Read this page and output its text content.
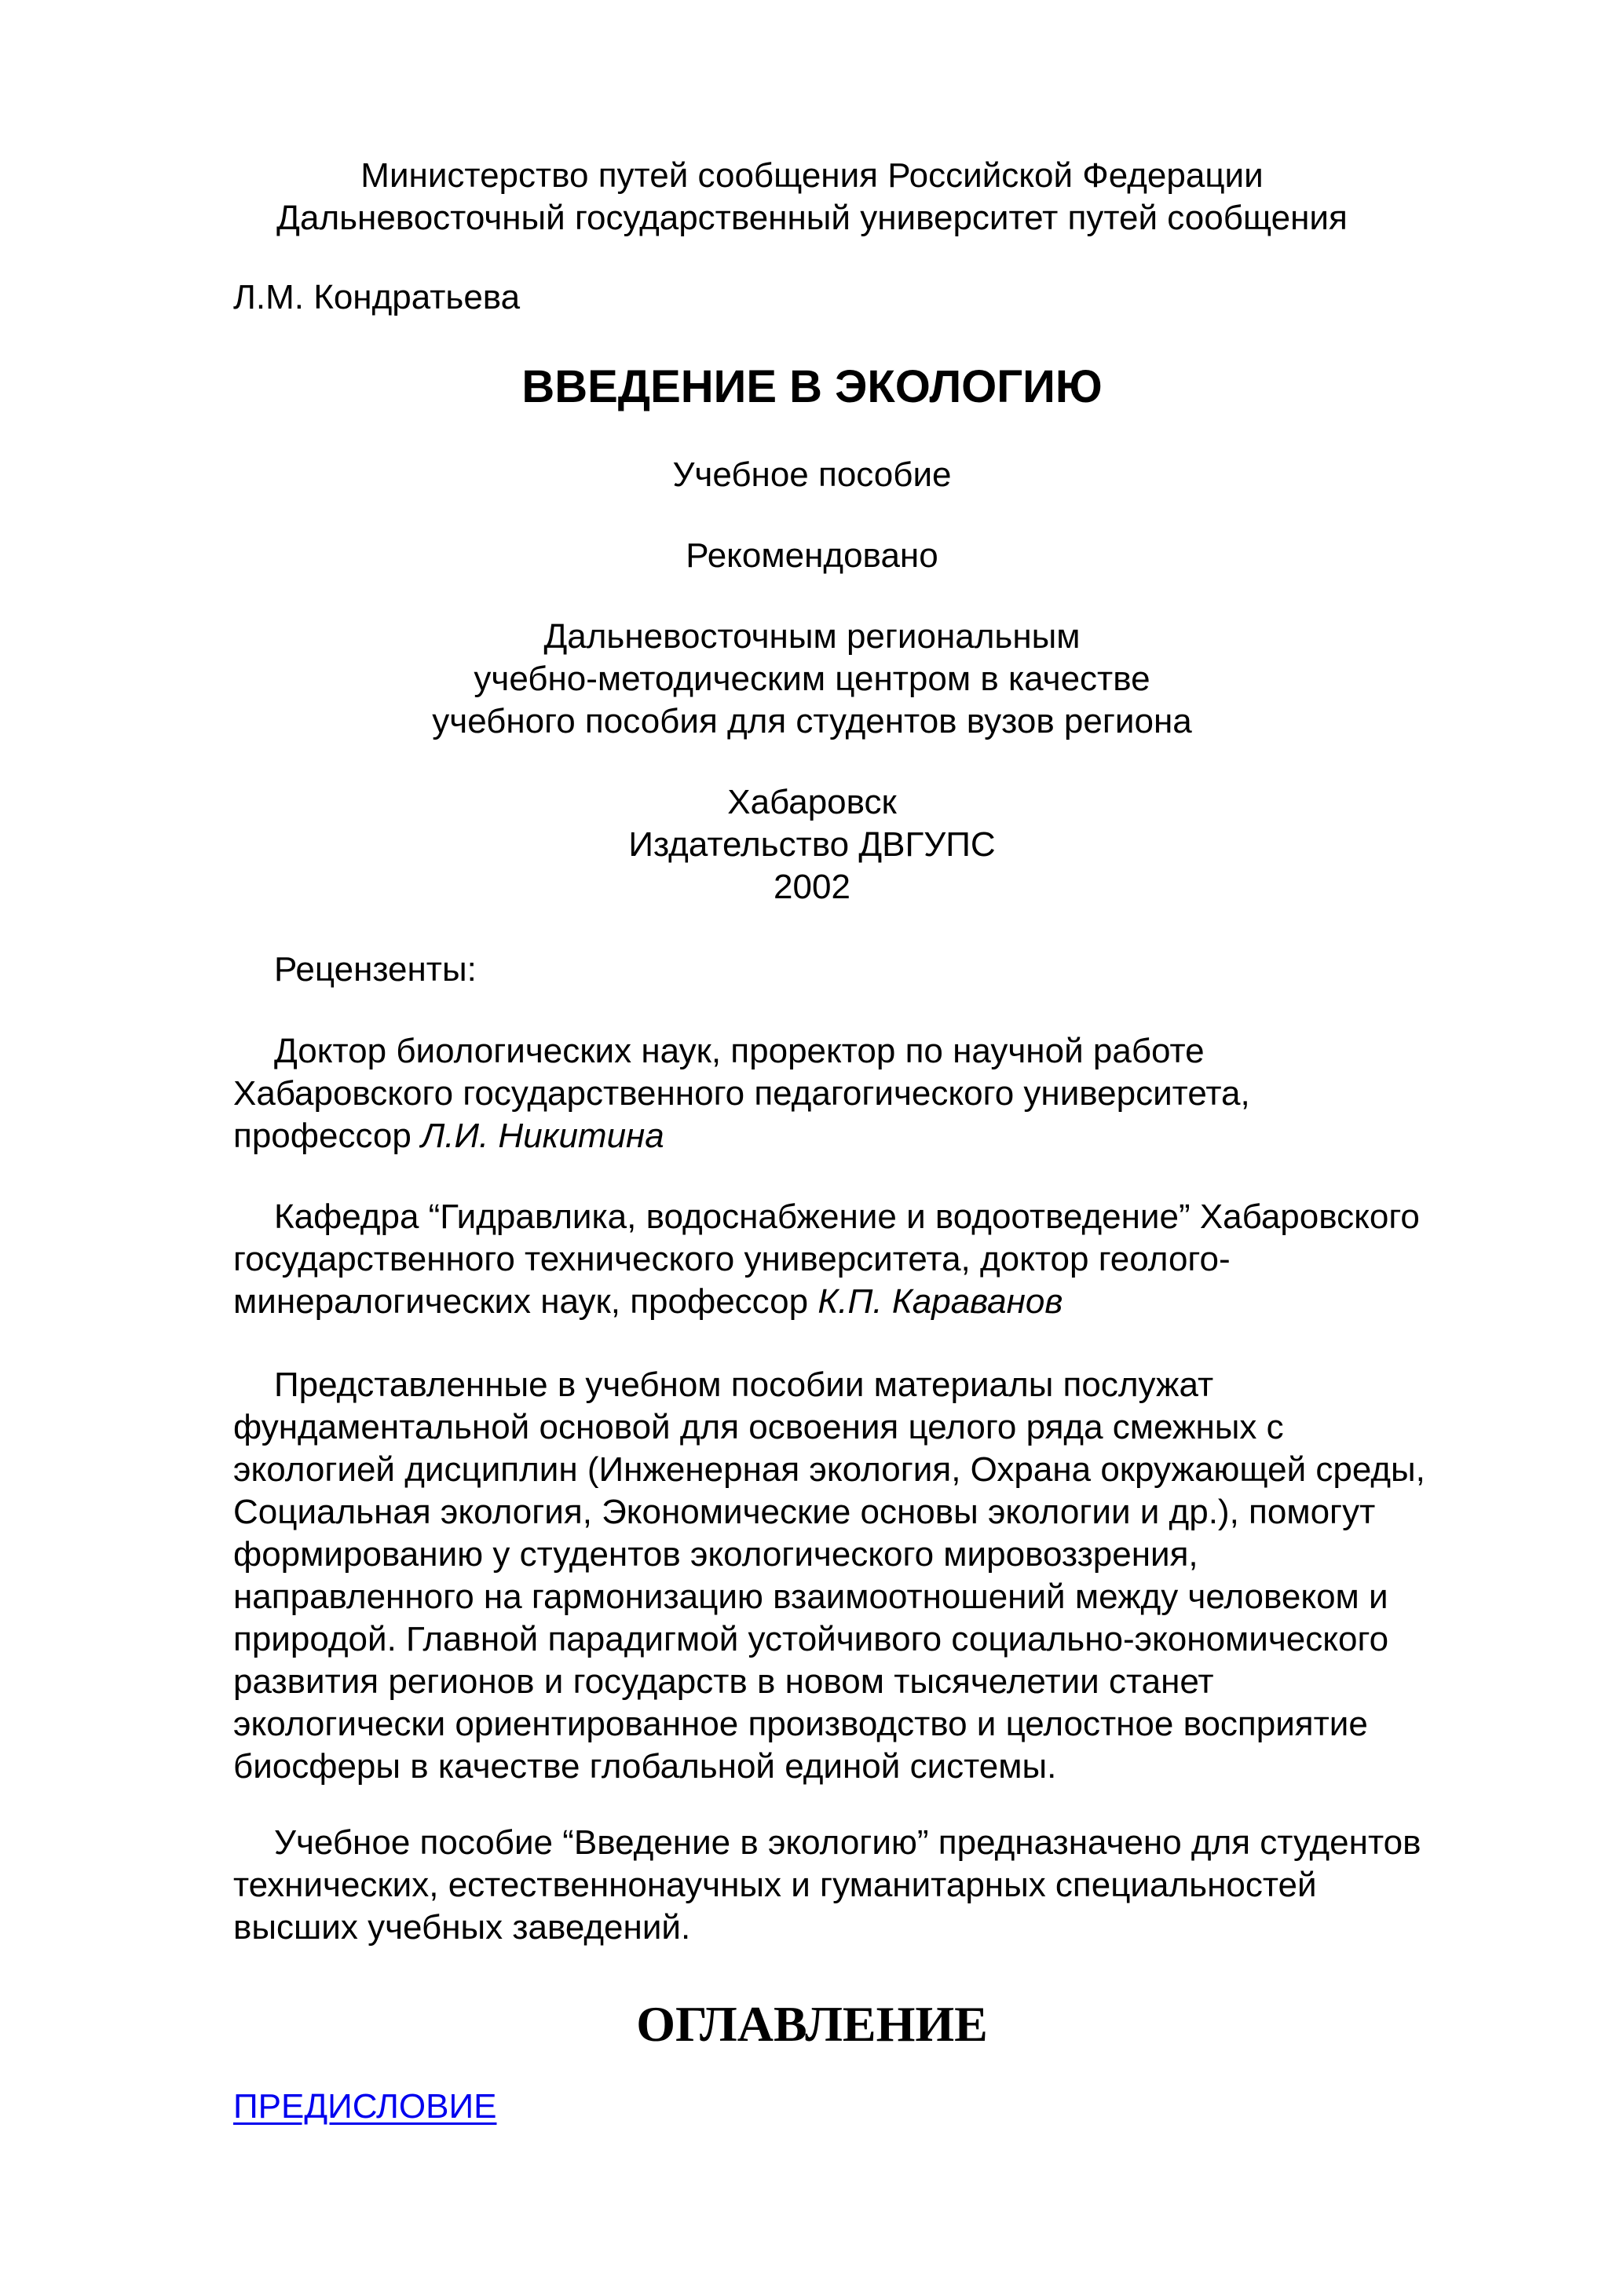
Министерство путей сообщения Российской Федерации
Дальневосточный государственный университет путей сообщения
Л.М. Кондратьева
ВВЕДЕНИЕ В ЭКОЛОГИЮ
Учебное пособие
Рекомендовано
Дальневосточным региональным
учебно-методическим центром в качестве
учебного пособия для студентов вузов региона
Хабаровск
Издательство ДВГУПС
2002
Рецензенты:
Доктор биологических наук, проректор по научной работе
Хабаровского государственного педагогического университета,
профессор Л.И. Никитина
Кафедра “Гидравлика, водоснабжение и водоотведение” Хабаровского
государственного технического университета, доктор геолого-
минералогических наук, профессор К.П. Караванов
Представленные в учебном пособии материалы послужат
фундаментальной основой для освоения целого ряда смежных с
экологией дисциплин (Инженерная экология, Охрана окружающей среды,
Социальная экология, Экономические основы экологии и др.), помогут
формированию у студентов экологического мировоззрения,
направленного на гармонизацию взаимоотношений между человеком и
природой. Главной парадигмой устойчивого социально-экономического
развития регионов и государств в новом тысячелетии станет
экологически ориентированное производство и целостное восприятие
биосферы в качестве глобальной единой системы.
Учебное пособие “Введение в экологию” предназначено для студентов
технических, естественнонаучных и гуманитарных специальностей
высших учебных заведений.
ОГЛАВЛЕНИЕ
ПРЕДИСЛОВИЕ
